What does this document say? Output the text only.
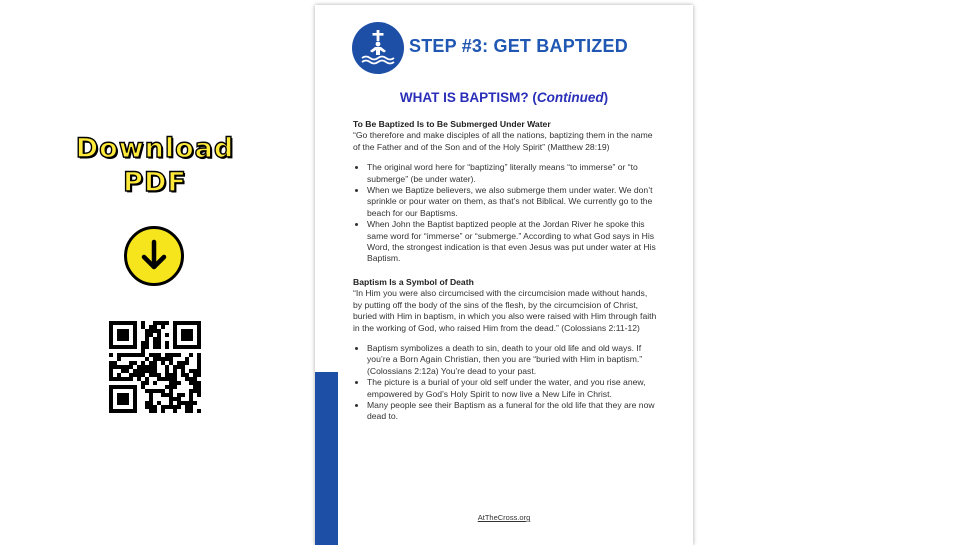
Download
PDF
STEP #3: GET BAPTIZED
WHAT IS BAPTISM? (Continued)

To Be Baptized Is to Be Submerged Under Water

“Go therefore and make disciples of all the nations, baptizing them in the name of the Father and of the Son and of the Holy Spirit” (Matthew 28:19)

• The original word here for “baptizing” literally means “to immerse” or “to submerge” (be under water).
• When we Baptize believers, we also submerge them under water. We don’t sprinkle or pour water on them, as that’s not Biblical. We currently go to the beach for our Baptisms.
• When John the Baptist baptized people at the Jordan River he spoke this same word for “immerse” or “submerge.” According to what God says in His Word, the strongest indication is that even Jesus was put under water at His Baptism.

Baptism Is a Symbol of Death

“In Him you were also circumcised with the circumcision made without hands, by putting off the body of the sins of the flesh, by the circumcision of Christ, buried with Him in baptism, in which you also were raised with Him through faith in the working of God, who raised Him from the dead.” (Colossians 2:11-12)

• Baptism symbolizes a death to sin, death to your old life and old ways. If you’re a Born Again Christian, then you are “buried with Him in baptism.” (Colossians 2:12a) You’re dead to your past.
• The picture is a burial of your old self under the water, and you rise anew, empowered by God’s Holy Spirit to now live a New Life in Christ.
• Many people see their Baptism as a funeral for the old life that they are now dead to.
AtTheCross.org
